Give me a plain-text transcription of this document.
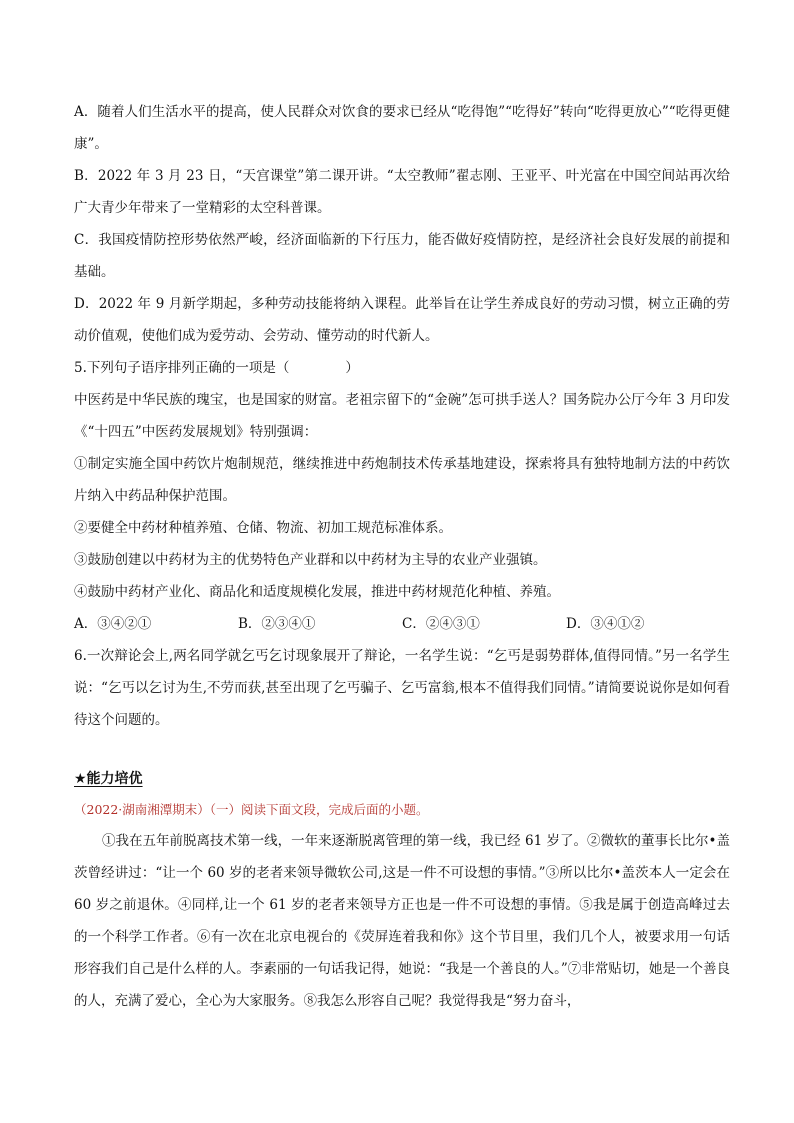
A．随着人们生活水平的提高，使人民群众对饮食的要求已经从“吃得饱”“吃得好”转向“吃得更放心”“吃得更健康”。

B．2022 年 3 月 23 日，“天宫课堂”第二课开讲。“太空教师”翟志刚、王亚平、叶光富在中国空间站再次给广大青少年带来了一堂精彩的太空科普课。

C．我国疫情防控形势依然严峻，经济面临新的下行压力，能否做好疫情防控，是经济社会良好发展的前提和基础。

D．2022 年 9 月新学期起，多种劳动技能将纳入课程。此举旨在让学生养成良好的劳动习惯，树立正确的劳动价值观，使他们成为爱劳动、会劳动、懂劳动的时代新人。

5.下列句子语序排列正确的一项是（	）

中医药是中华民族的瑰宝，也是国家的财富。老祖宗留下的“金碗”怎可拱手送人？国务院办公厅今年 3 月印发《“十四五”中医药发展规划》特别强调：

①制定实施全国中药饮片炮制规范，继续推进中药炮制技术传承基地建设，探索将具有独特地制方法的中药饮片纳入中药品种保护范围。

②要健全中药材种植养殖、仓储、物流、初加工规范标准体系。

③鼓励创建以中药材为主的优势特色产业群和以中药材为主导的农业产业强镇。

④鼓励中药材产业化、商品化和适度规模化发展，推进中药材规范化种植、养殖。

A．③④②①	B．②③④①	C．②④③①	D．③④①②

6.一次辩论会上,两名同学就乞丐乞讨现象展开了辩论，一名学生说：“乞丐是弱势群体,值得同情。”另一名学生说：“乞丐以乞讨为生,不劳而获,甚至出现了乞丐骗子、乞丐富翁,根本不值得我们同情。”请简要说说你是如何看待这个问题的。

★能力培优

（2022·湖南湘潭期末）（一）阅读下面文段，完成后面的小题。

①我在五年前脱离技术第一线，一年来逐渐脱离管理的第一线，我已经 61 岁了。②微软的董事长比尔•盖茨曾经讲过：“让一个 60 岁的老者来领导微软公司,这是一件不可设想的事情。”③所以比尔•盖茨本人一定会在 60 岁之前退休。④同样,让一个 61 岁的老者来领导方正也是一件不可设想的事情。⑤我是属于创造高峰过去的一个科学工作者。⑥有一次在北京电视台的《荧屏连着我和你》这个节目里，我们几个人，被要求用一句话形容我们自己是什么样的人。李素丽的一句话我记得，她说：“我是一个善良的人。”⑦非常贴切，她是一个善良的人，充满了爱心，全心为大家服务。⑧我怎么形容自己呢？我觉得我是“努力奋斗，
